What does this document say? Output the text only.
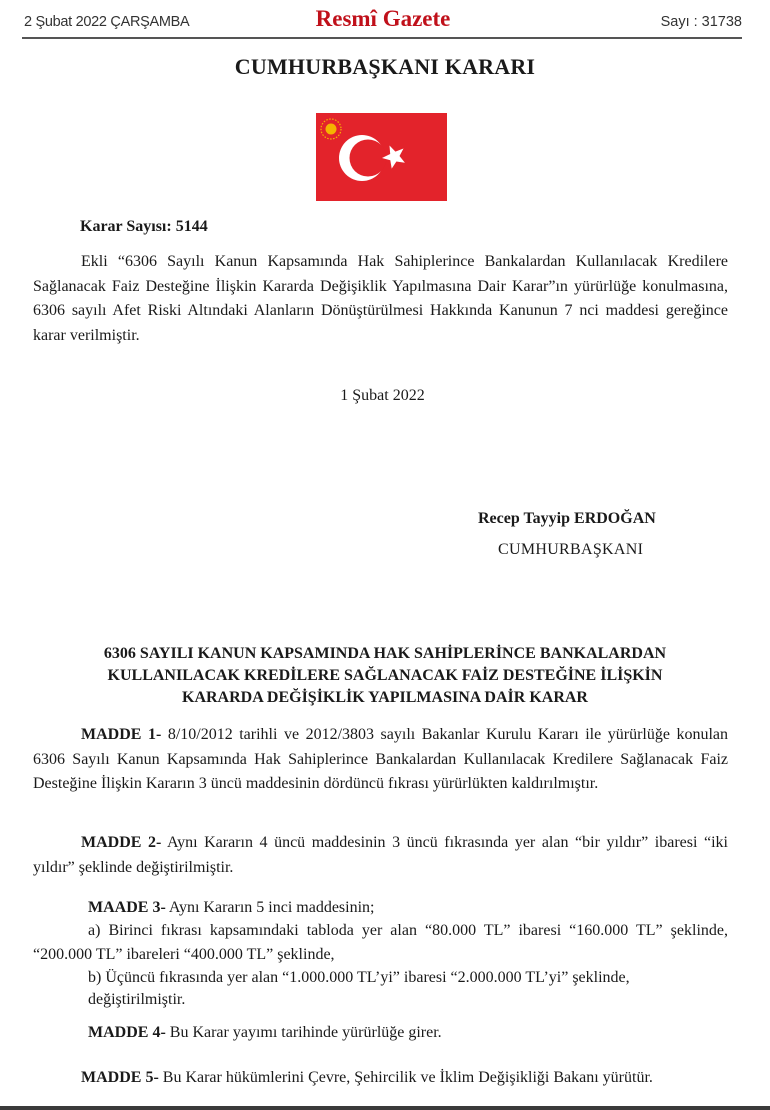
2 Şubat 2022 ÇARŞAMBA	Resmî Gazete	Sayı : 31738
CUMHURBAŞKANI KARARI
Karar Sayısı: 5144
Ekli “6306 Sayılı Kanun Kapsamında Hak Sahiplerince Bankalardan Kullanılacak Kredilere Sağlanacak Faiz Desteğine İlişkin Kararda Değişiklik Yapılmasına Dair Karar”ın yürürlüğe konulmasına, 6306 sayılı Afet Riski Altındaki Alanların Dönüştürülmesi Hakkında Kanunun 7 nci maddesi gereğince karar verilmiştir.
1 Şubat 2022
Recep Tayyip ERDOĞAN
CUMHURBAŞKANI
6306 SAYILI KANUN KAPSAMINDA HAK SAHİPLERİNCE BANKALARDAN
KULLANILACAK KREDİLERE SAĞLANACAK FAİZ DESTEĞİNE İLİŞKİN
KARARDA DEĞİŞİKLİK YAPILMASINA DAİR KARAR
MADDE 1- 8/10/2012 tarihli ve 2012/3803 sayılı Bakanlar Kurulu Kararı ile yürürlüğe konulan 6306 Sayılı Kanun Kapsamında Hak Sahiplerince Bankalardan Kullanılacak Kredilere Sağlanacak Faiz Desteğine İlişkin Kararın 3 üncü maddesinin dördüncü fıkrası yürürlükten kaldırılmıştır.
MADDE 2- Aynı Kararın 4 üncü maddesinin 3 üncü fıkrasında yer alan “bir yıldır” ibaresi “iki yıldır” şeklinde değiştirilmiştir.
MAADE 3- Aynı Kararın 5 inci maddesinin;
a) Birinci fıkrası kapsamındaki tabloda yer alan “80.000 TL” ibaresi “160.000 TL” şeklinde, “200.000 TL” ibareleri “400.000 TL” şeklinde,
b) Üçüncü fıkrasında yer alan “1.000.000 TL’yi” ibaresi “2.000.000 TL’yi” şeklinde,
değiştirilmiştir.
MADDE 4- Bu Karar yayımı tarihinde yürürlüğe girer.
MADDE 5- Bu Karar hükümlerini Çevre, Şehircilik ve İklim Değişikliği Bakanı yürütür.
